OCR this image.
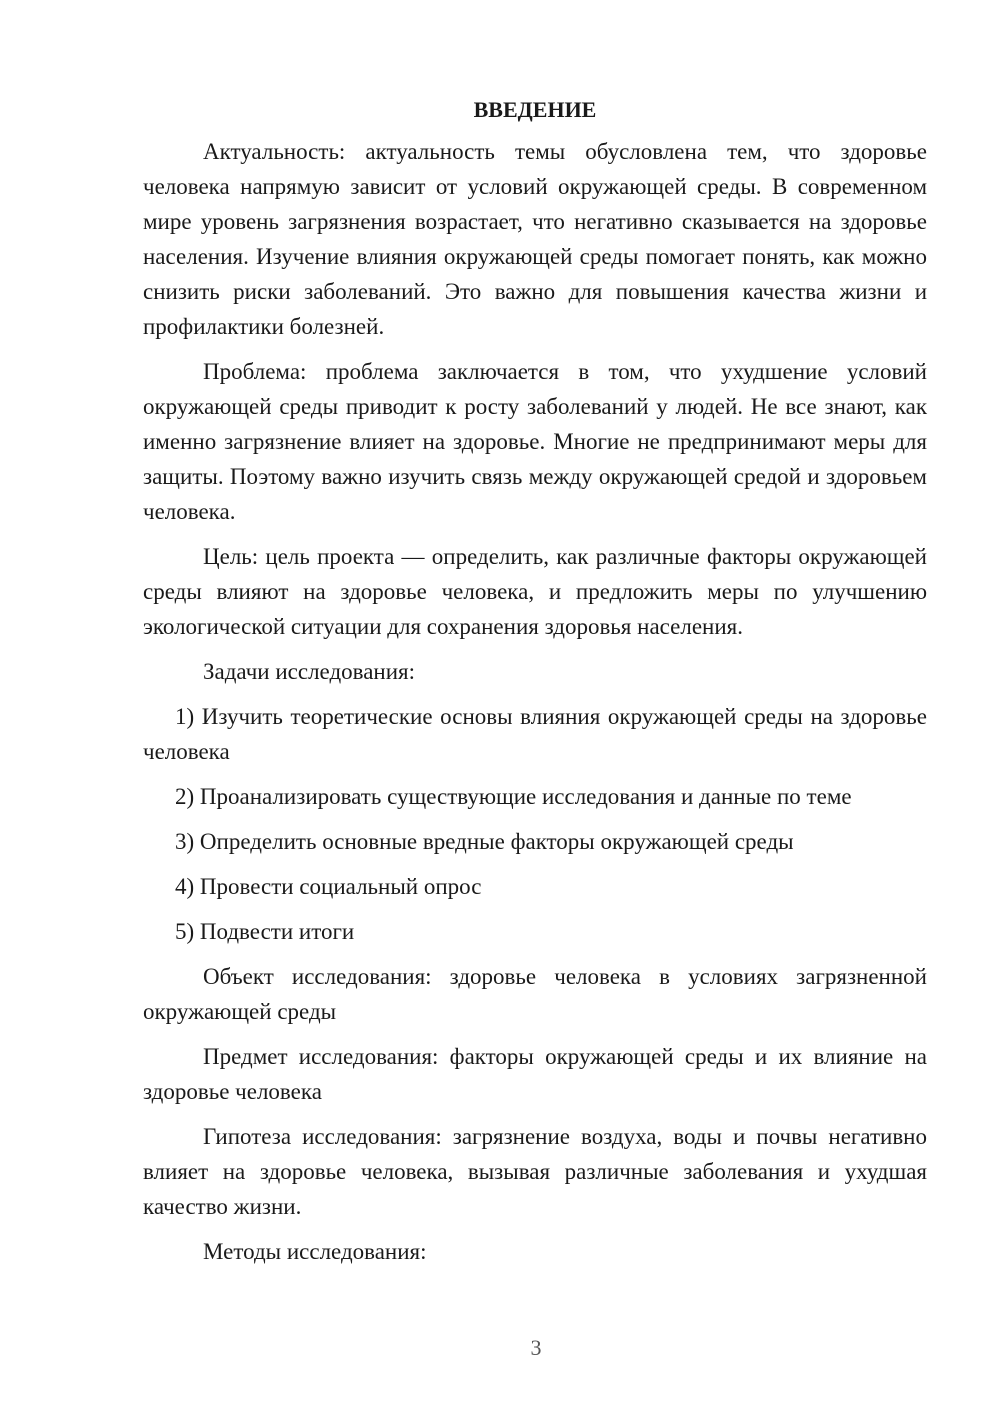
ВВЕДЕНИЕ

Актуальность: актуальность темы обусловлена тем, что здоровье человека напрямую зависит от условий окружающей среды. В современном мире уровень загрязнения возрастает, что негативно сказывается на здоровье населения. Изучение влияния окружающей среды помогает понять, как можно снизить риски заболеваний. Это важно для повышения качества жизни и профилактики болезней.

Проблема: проблема заключается в том, что ухудшение условий окружающей среды приводит к росту заболеваний у людей. Не все знают, как именно загрязнение влияет на здоровье. Многие не предпринимают меры для защиты. Поэтому важно изучить связь между окружающей средой и здоровьем человека.

Цель: цель проекта — определить, как различные факторы окружающей среды влияют на здоровье человека, и предложить меры по улучшению экологической ситуации для сохранения здоровья населения.

Задачи исследования:

1) Изучить теоретические основы влияния окружающей среды на здоровье человека

2) Проанализировать существующие исследования и данные по теме

3) Определить основные вредные факторы окружающей среды

4) Провести социальный опрос

5) Подвести итоги

Объект исследования: здоровье человека в условиях загрязненной окружающей среды

Предмет исследования: факторы окружающей среды и их влияние на здоровье человека

Гипотеза исследования: загрязнение воздуха, воды и почвы негативно влияет на здоровье человека, вызывая различные заболевания и ухудшая качество жизни.

Методы исследования:

3
